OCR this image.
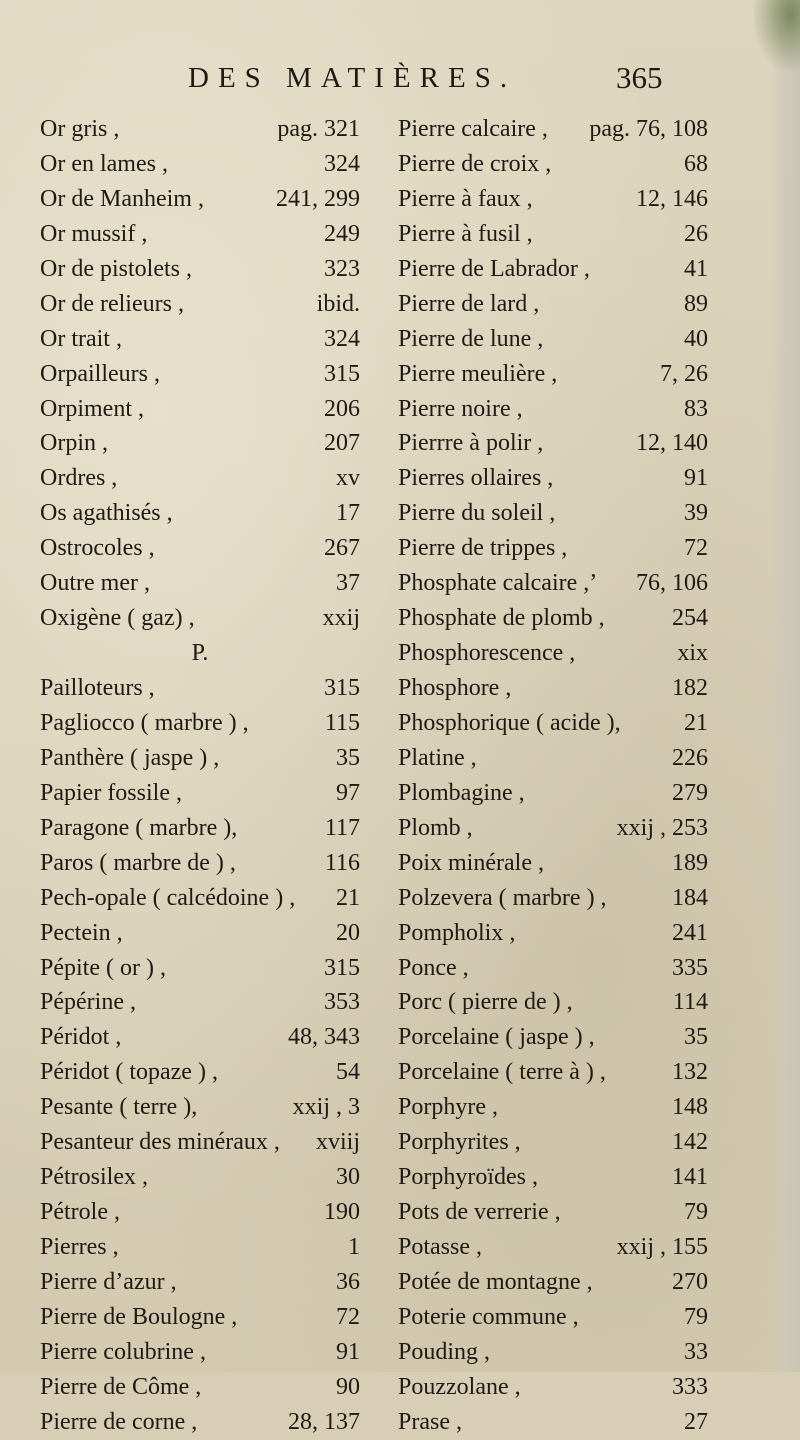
DES MATIÈRES.	365
Or gris ,	pag. 321
Or en lames ,	324
Or de Manheim ,	241, 299
Or mussif ,	249
Or de pistolets ,	323
Or de relieurs ,	ibid.
Or trait ,	324
Orpailleurs ,	315
Orpiment ,	206
Orpin ,	207
Ordres ,	xv
Os agathisés ,	17
Ostrocoles ,	267
Outre mer ,	37
Oxigène ( gaz) ,	xxij
P.
Pailloteurs ,	315
Pagliocco ( marbre ) ,	115
Panthère ( jaspe ) ,	35
Papier fossile ,	97
Paragone ( marbre ),	117
Paros ( marbre de ) ,	116
Pech-opale ( calcédoine ) , 21
Pectein ,	20
Pépite ( or ) ,	315
Pépérine ,	353
Péridot ,	48, 343
Péridot ( topaze ) ,	54
Pesante ( terre ),	xxij , 3
Pesanteur des minéraux , xviij
Pétrosilex ,	30
Pétrole ,	190
Pierres ,	1
Pierre d’azur ,	36
Pierre de Boulogne ,	72
Pierre colubrine ,	91
Pierre de Côme ,	90
Pierre de corne ,	28, 137
Pierre calcaire , pag. 76, 108
Pierre de croix ,	68
Pierre à faux ,	12, 146
Pierre à fusil ,	26
Pierre de Labrador ,	41
Pierre de lard ,	89
Pierre de lune ,	40
Pierre meulière ,	7, 26
Pierre noire ,	83
Pierrre à polir ,	12, 140
Pierres ollaires ,	91
Pierre du soleil ,	39
Pierre de trippes ,	72
Phosphate calcaire ,’ 76, 106
Phosphate de plomb ,	254
Phosphorescence ,	xix
Phosphore ,	182
Phosphorique ( acide ),	21
Platine ,	226
Plombagine ,	279
Plomb ,	xxij , 253
Poix minérale ,	189
Polzevera ( marbre ) ,	184
Pompholix ,	241
Ponce ,	335
Porc ( pierre de ) ,	114
Porcelaine ( jaspe ) ,	35
Porcelaine ( terre à ) ,	132
Porphyre ,	148
Porphyrites ,	142
Porphyroïdes ,	141
Pots de verrerie ,	79
Potasse ,	xxij , 155
Potée de montagne ,	270
Poterie commune ,	79
Pouding ,	33
Pouzzolane ,	333
Prase ,	27
